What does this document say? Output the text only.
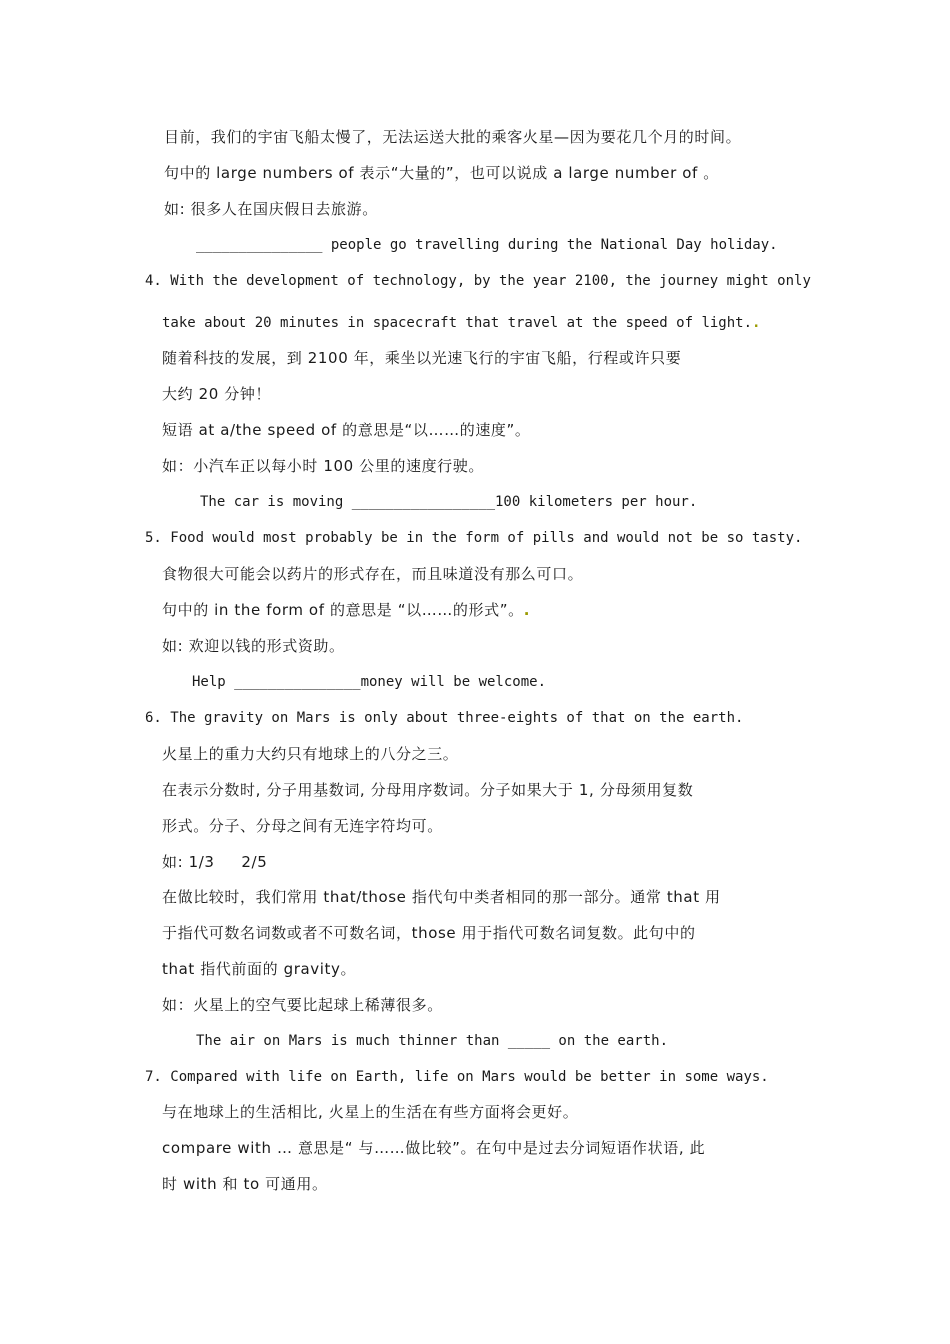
目前，我们的宇宙飞船太慢了，无法运送大批的乘客火星—因为要花几个月的时间。
句中的 large numbers of 表示“大量的”，也可以说成 a large number of 。
如: 很多人在国庆假日去旅游。
_______________ people go travelling during the National Day holiday.
4. With the development of technology, by the year 2100, the journey might only
take about 20 minutes in spacecraft that travel at the speed of light..
随着科技的发展，到 2100 年，乘坐以光速飞行的宇宙飞船，行程或许只要
大约 20 分钟！
短语 at a/the speed of 的意思是“以……的速度”。
如：小汽车正以每小时 100 公里的速度行驶。
The car is moving _________________100 kilometers per hour.
5. Food would most probably be in the form of pills and would not be so tasty.
食物很大可能会以药片的形式存在，而且味道没有那么可口。
句中的 in the form of 的意思是 “以……的形式”。.
如: 欢迎以钱的形式资助。
Help _______________money will be welcome.
6. The gravity on Mars is only about three-eights of that on the earth.
火星上的重力大约只有地球上的八分之三。
在表示分数时, 分子用基数词, 分母用序数词。分子如果大于 1, 分母须用复数
形式。分子、分母之间有无连字符均可。
如: 1/3     2/5
在做比较时，我们常用 that/those 指代句中类者相同的那一部分。通常 that 用
于指代可数名词数或者不可数名词，those 用于指代可数名词复数。此句中的
that 指代前面的 gravity。
如：火星上的空气要比起球上稀薄很多。
The air on Mars is much thinner than _____ on the earth.
7. Compared with life on Earth, life on Mars would be better in some ways.
与在地球上的生活相比, 火星上的生活在有些方面将会更好。
compare with … 意思是“ 与……做比较”。在句中是过去分词短语作状语, 此
时 with 和 to 可通用。
